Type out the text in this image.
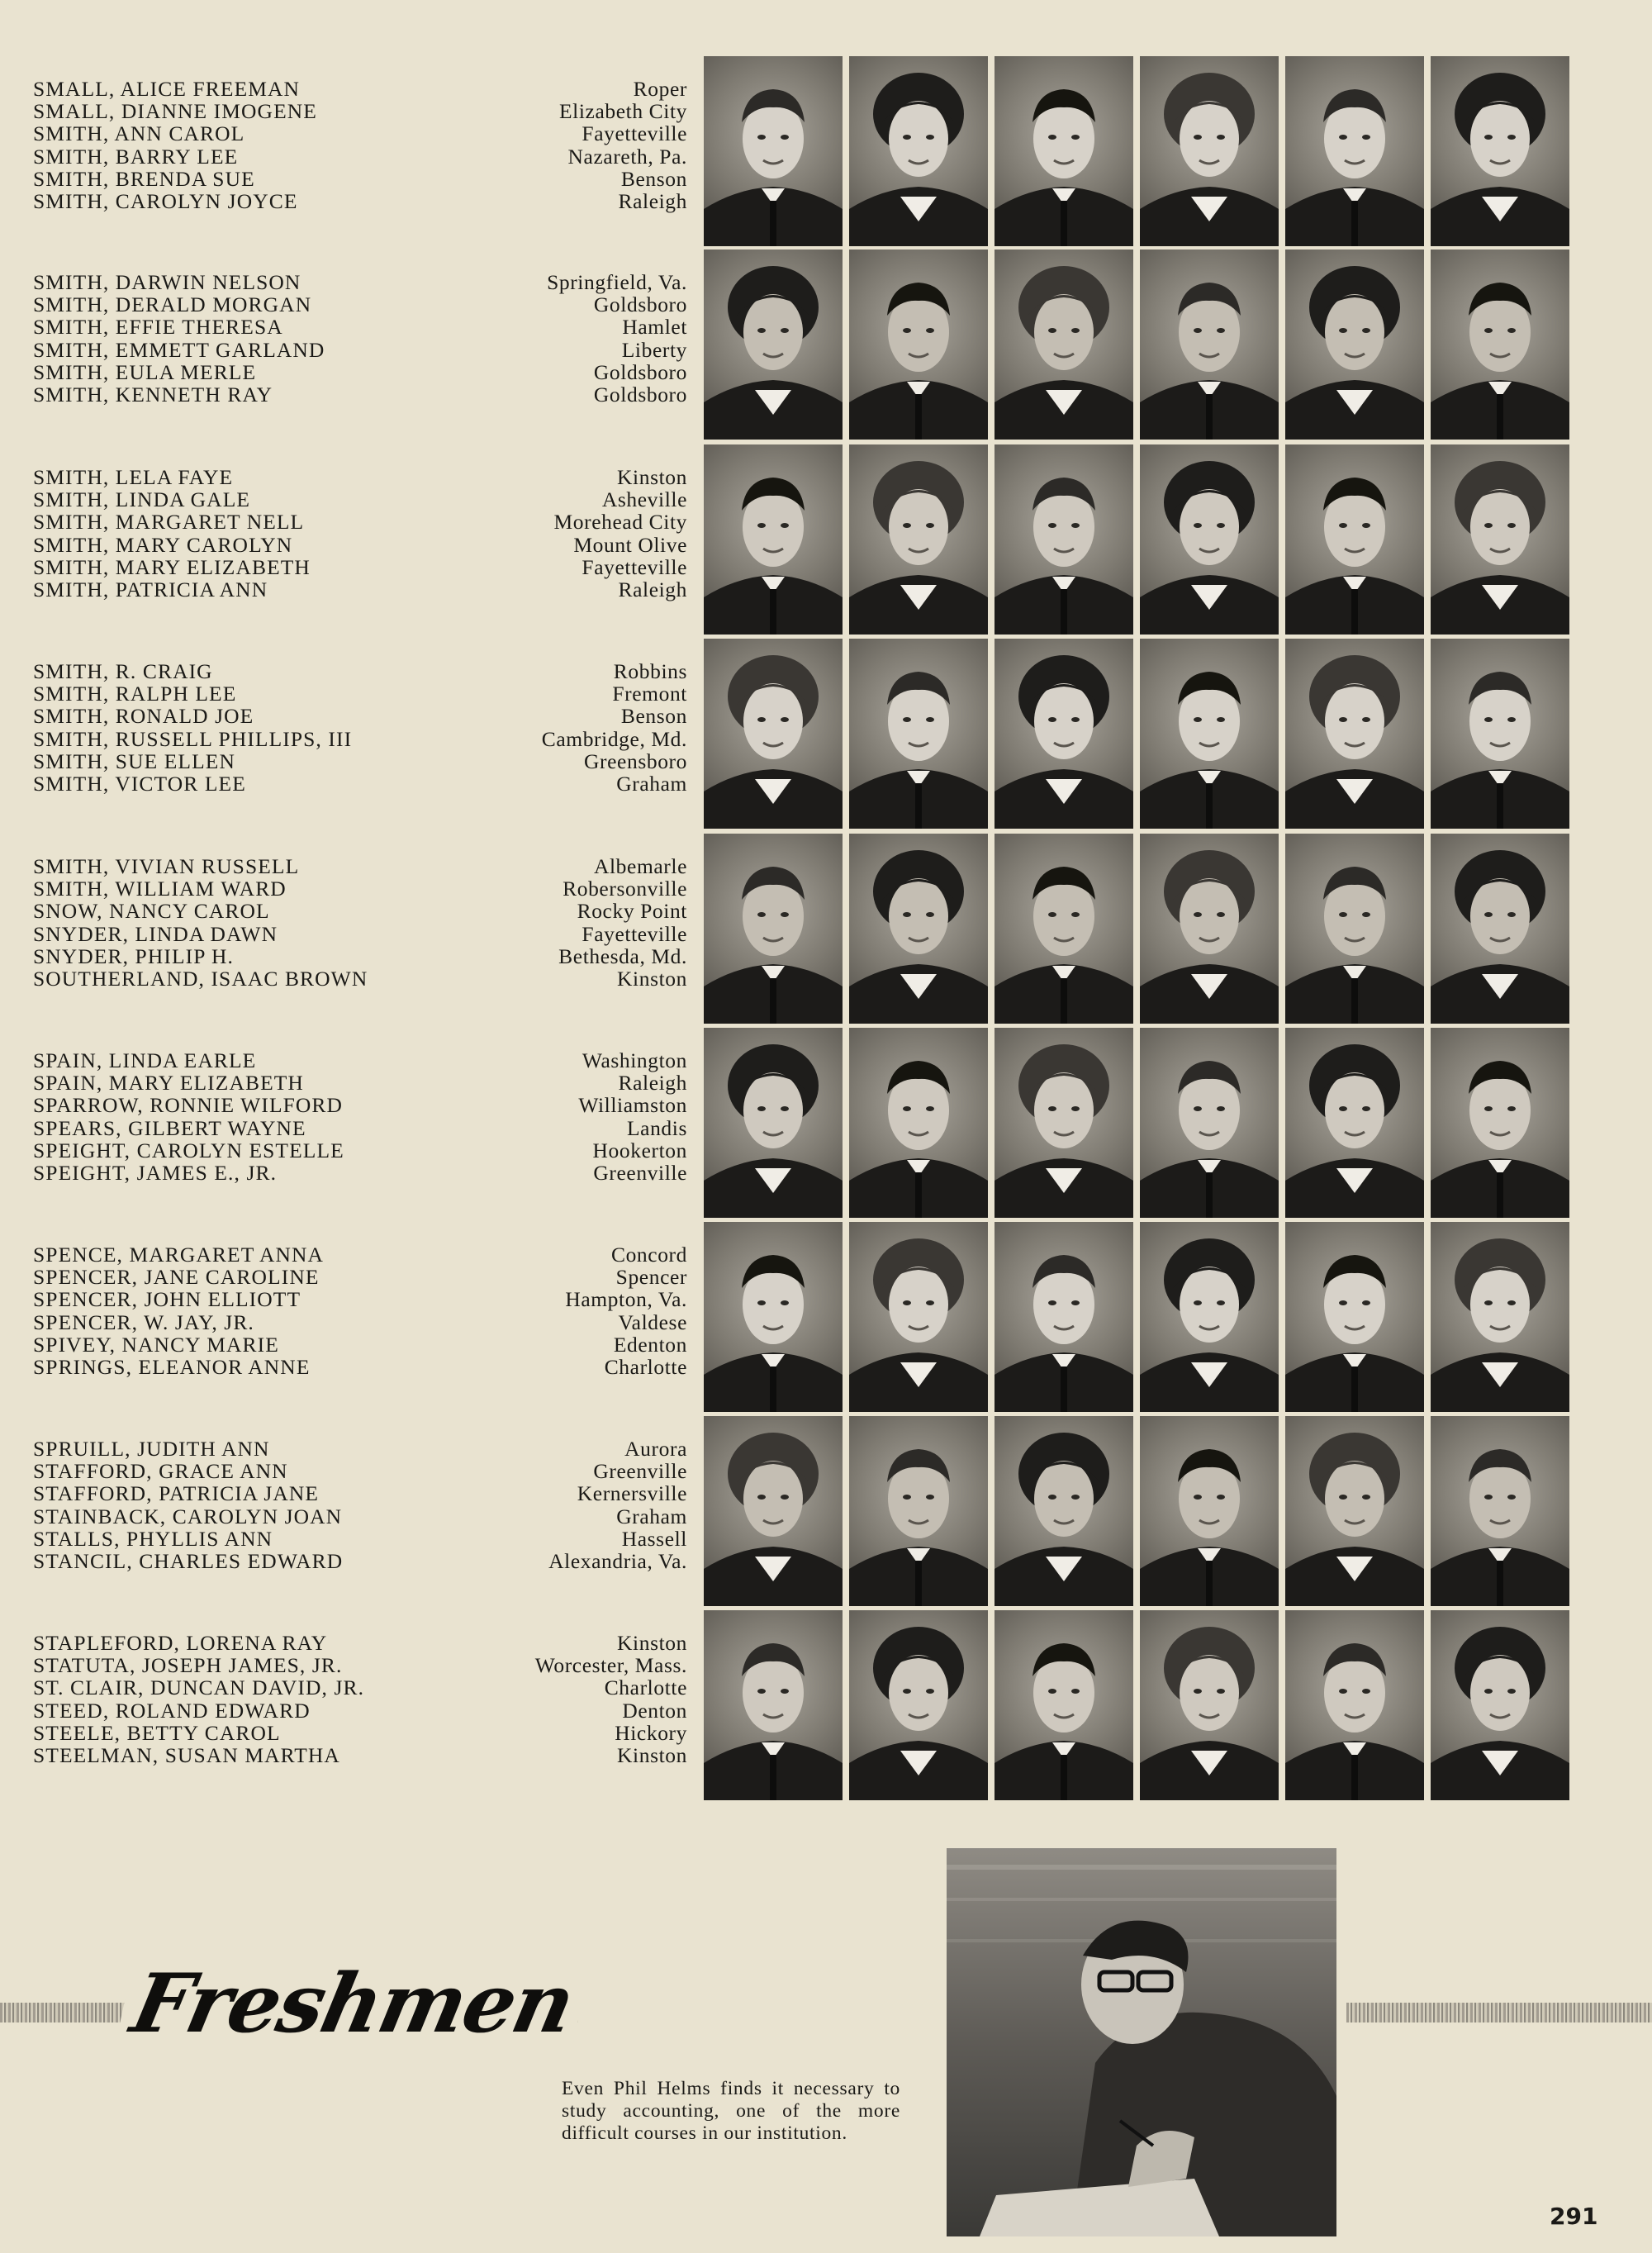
SMALL, ALICE FREEMAN
SMALL, DIANNE IMOGENE
SMITH, ANN CAROL
SMITH, BARRY LEE
SMITH, BRENDA SUE
SMITH, CAROLYN JOYCE
Roper
Elizabeth City
Fayetteville
Nazareth, Pa.
Benson
Raleigh
SMITH, DARWIN NELSON
SMITH, DERALD MORGAN
SMITH, EFFIE THERESA
SMITH, EMMETT GARLAND
SMITH, EULA MERLE
SMITH, KENNETH RAY
Springfield, Va.
Goldsboro
Hamlet
Liberty
Goldsboro
Goldsboro
SMITH, LELA FAYE
SMITH, LINDA GALE
SMITH, MARGARET NELL
SMITH, MARY CAROLYN
SMITH, MARY ELIZABETH
SMITH, PATRICIA ANN
Kinston
Asheville
Morehead City
Mount Olive
Fayetteville
Raleigh
SMITH, R. CRAIG
SMITH, RALPH LEE
SMITH, RONALD JOE
SMITH, RUSSELL PHILLIPS, III
SMITH, SUE ELLEN
SMITH, VICTOR LEE
Robbins
Fremont
Benson
Cambridge, Md.
Greensboro
Graham
SMITH, VIVIAN RUSSELL
SMITH, WILLIAM WARD
SNOW, NANCY CAROL
SNYDER, LINDA DAWN
SNYDER, PHILIP H.
SOUTHERLAND, ISAAC BROWN
Albemarle
Robersonville
Rocky Point
Fayetteville
Bethesda, Md.
Kinston
SPAIN, LINDA EARLE
SPAIN, MARY ELIZABETH
SPARROW, RONNIE WILFORD
SPEARS, GILBERT WAYNE
SPEIGHT, CAROLYN ESTELLE
SPEIGHT, JAMES E., JR.
Washington
Raleigh
Williamston
Landis
Hookerton
Greenville
SPENCE, MARGARET ANNA
SPENCER, JANE CAROLINE
SPENCER, JOHN ELLIOTT
SPENCER, W. JAY, JR.
SPIVEY, NANCY MARIE
SPRINGS, ELEANOR ANNE
Concord
Spencer
Hampton, Va.
Valdese
Edenton
Charlotte
SPRUILL, JUDITH ANN
STAFFORD, GRACE ANN
STAFFORD, PATRICIA JANE
STAINBACK, CAROLYN JOAN
STALLS, PHYLLIS ANN
STANCIL, CHARLES EDWARD
Aurora
Greenville
Kernersville
Graham
Hassell
Alexandria, Va.
STAPLEFORD, LORENA RAY
STATUTA, JOSEPH JAMES, JR.
ST. CLAIR, DUNCAN DAVID, JR.
STEED, ROLAND EDWARD
STEELE, BETTY CAROL
STEELMAN, SUSAN MARTHA
Kinston
Worcester, Mass.
Charlotte
Denton
Hickory
Kinston
Freshmen
Even Phil Helms finds it necessary to study accounting, one of the more difficult courses in our institution.
291
